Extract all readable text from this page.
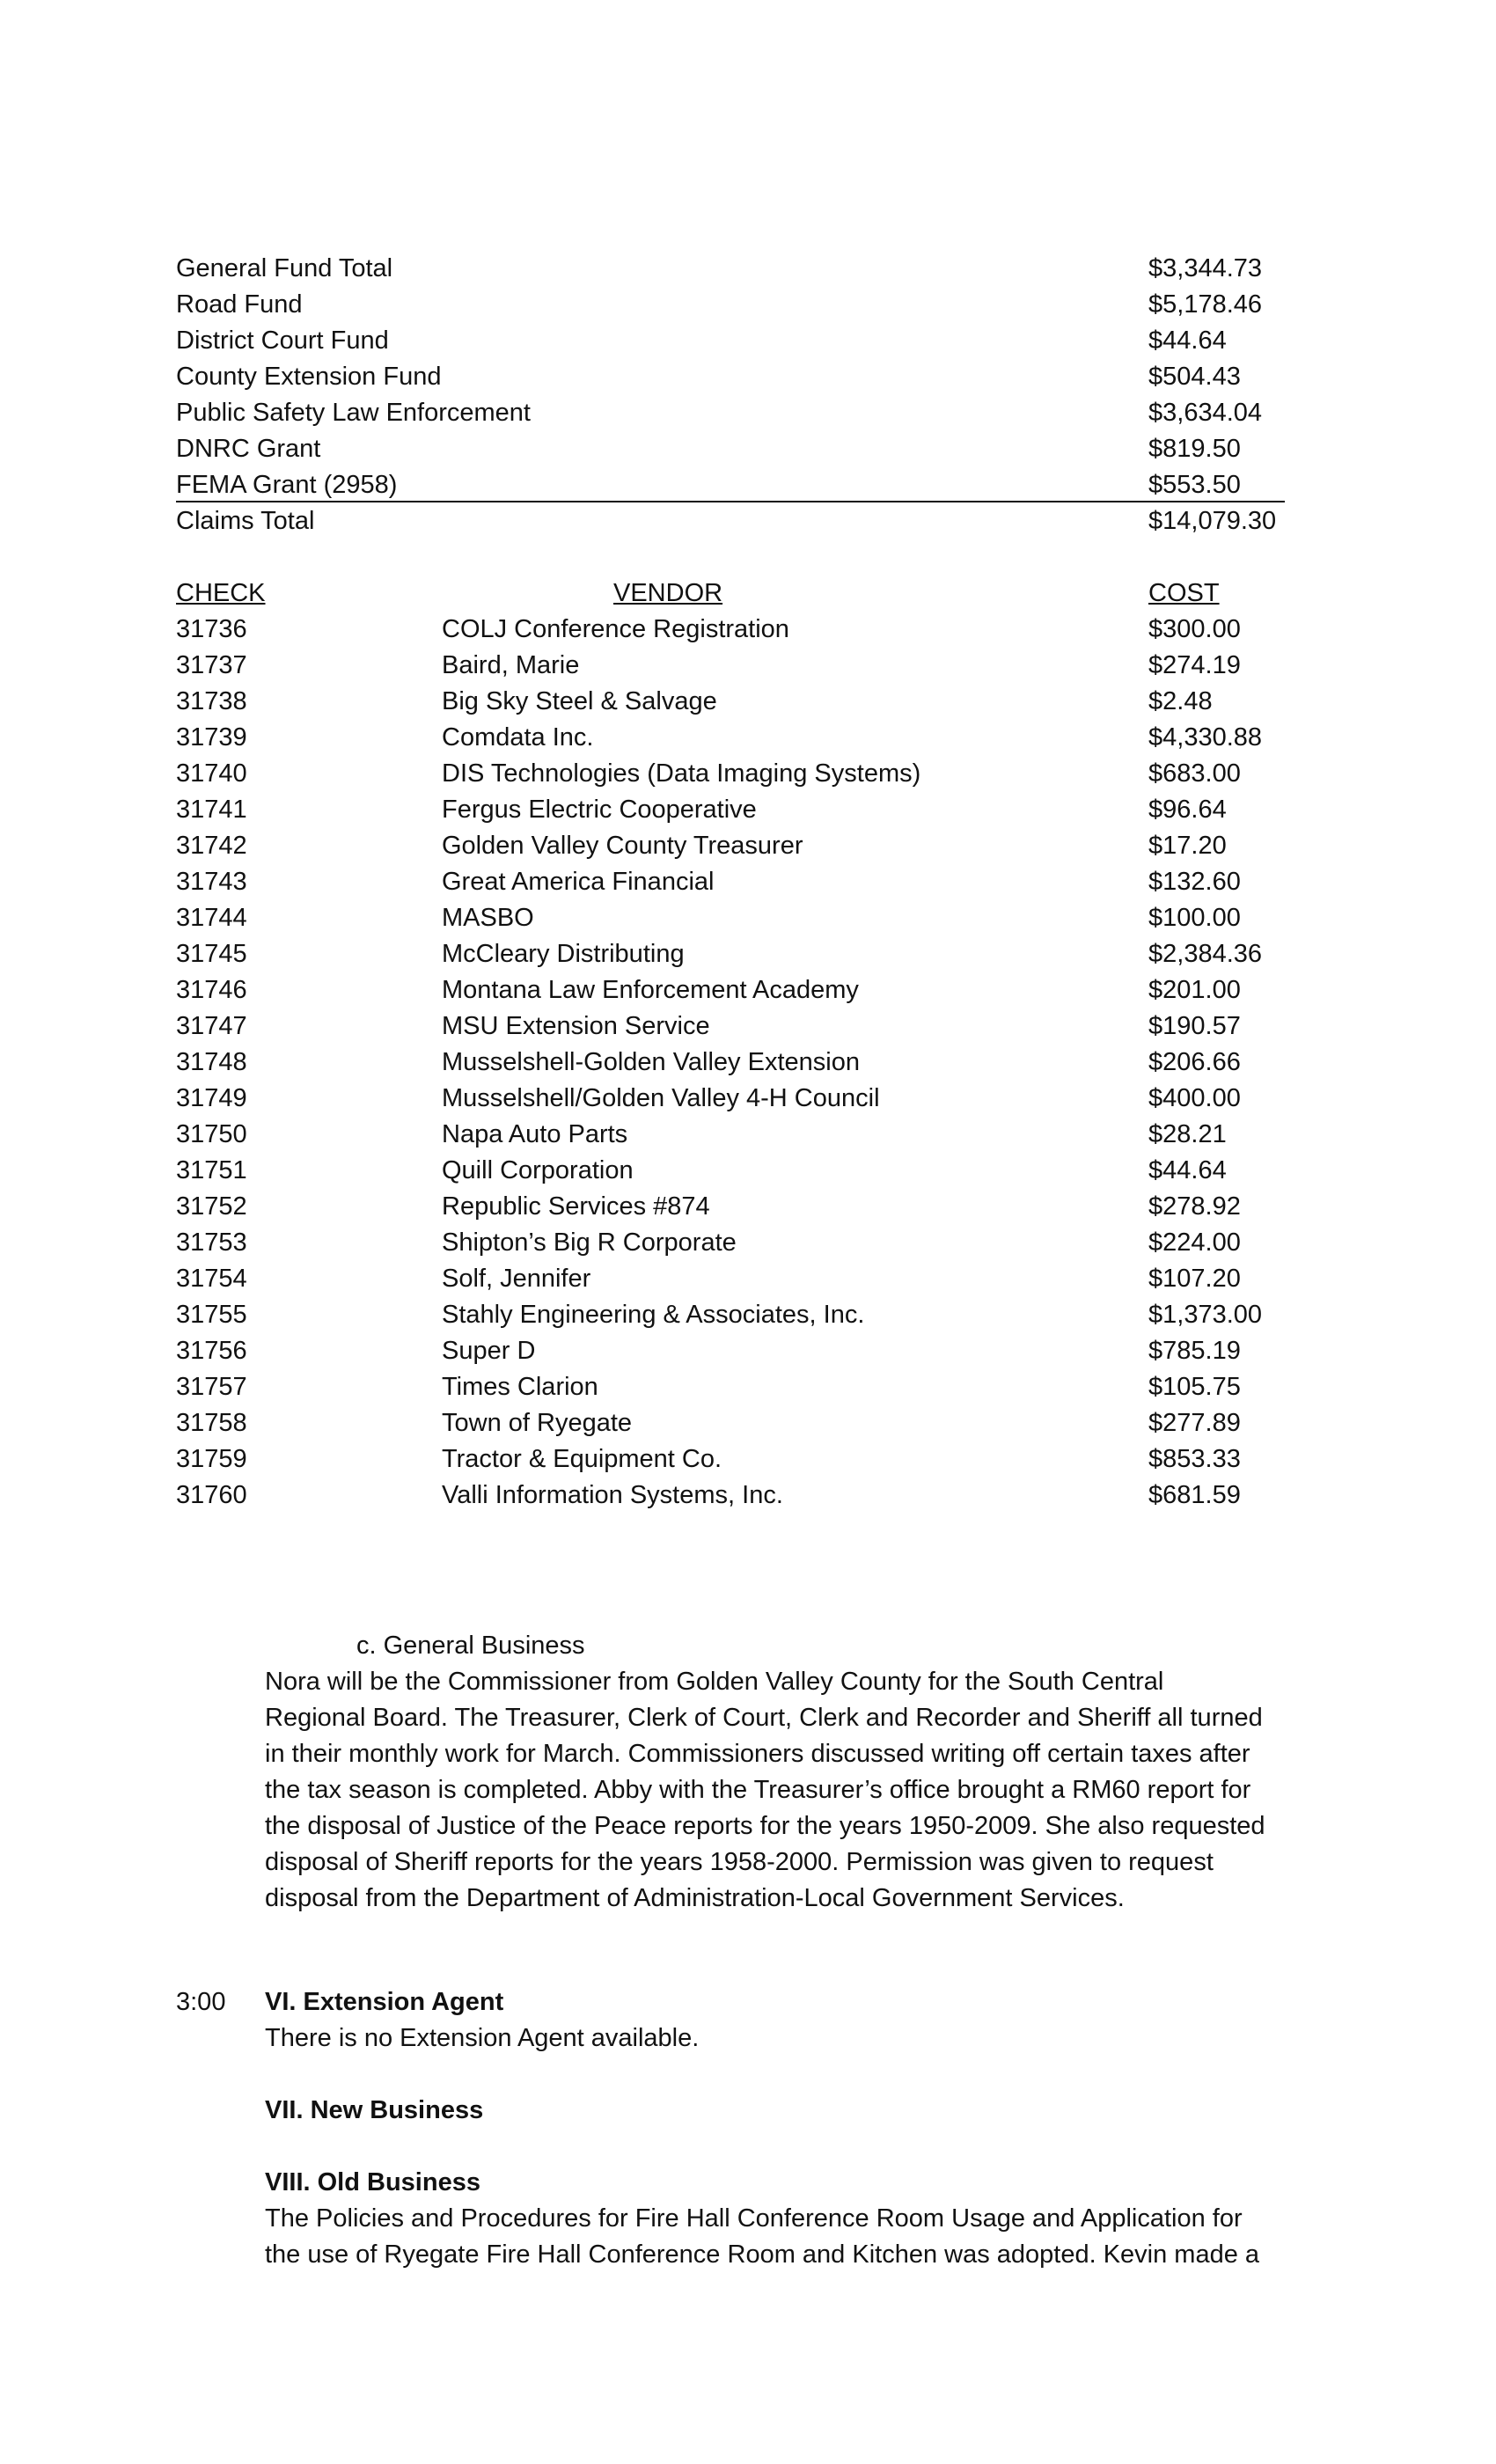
General Fund Total	$3,344.73
Road Fund	$5,178.46
District Court Fund	$44.64
County Extension Fund	$504.43
Public Safety Law Enforcement	$3,634.04
DNRC Grant	$819.50
FEMA Grant (2958)	$553.50
Claims Total	$14,079.30
CHECK	VENDOR	COST
31736	COLJ Conference Registration	$300.00
31737	Baird, Marie	$274.19
31738	Big Sky Steel & Salvage	$2.48
31739	Comdata Inc.	$4,330.88
31740	DIS Technologies (Data Imaging Systems)	$683.00
31741	Fergus Electric Cooperative	$96.64
31742	Golden Valley County Treasurer	$17.20
31743	Great America Financial	$132.60
31744	MASBO	$100.00
31745	McCleary Distributing	$2,384.36
31746	Montana Law Enforcement Academy	$201.00
31747	MSU Extension Service	$190.57
31748	Musselshell-Golden Valley Extension	$206.66
31749	Musselshell/Golden Valley 4-H Council	$400.00
31750	Napa Auto Parts	$28.21
31751	Quill Corporation	$44.64
31752	Republic Services #874	$278.92
31753	Shipton’s Big R Corporate	$224.00
31754	Solf, Jennifer	$107.20
31755	Stahly Engineering & Associates, Inc.	$1,373.00
31756	Super D	$785.19
31757	Times Clarion	$105.75
31758	Town of Ryegate	$277.89
31759	Tractor & Equipment Co.	$853.33
31760	Valli Information Systems, Inc.	$681.59
c. General Business
Nora will be the Commissioner from Golden Valley County for the South Central
Regional Board. The Treasurer, Clerk of Court, Clerk and Recorder and Sheriff all turned
in their monthly work for March. Commissioners discussed writing off certain taxes after
the tax season is completed. Abby with the Treasurer’s office brought a RM60 report for
the disposal of Justice of the Peace reports for the years 1950-2009. She also requested
disposal of Sheriff reports for the years 1958-2000. Permission was given to request
disposal from the Department of Administration-Local Government Services.
3:00 VI. Extension Agent
There is no Extension Agent available.
VII. New Business
VIII. Old Business
The Policies and Procedures for Fire Hall Conference Room Usage and Application for
the use of Ryegate Fire Hall Conference Room and Kitchen was adopted. Kevin made a
